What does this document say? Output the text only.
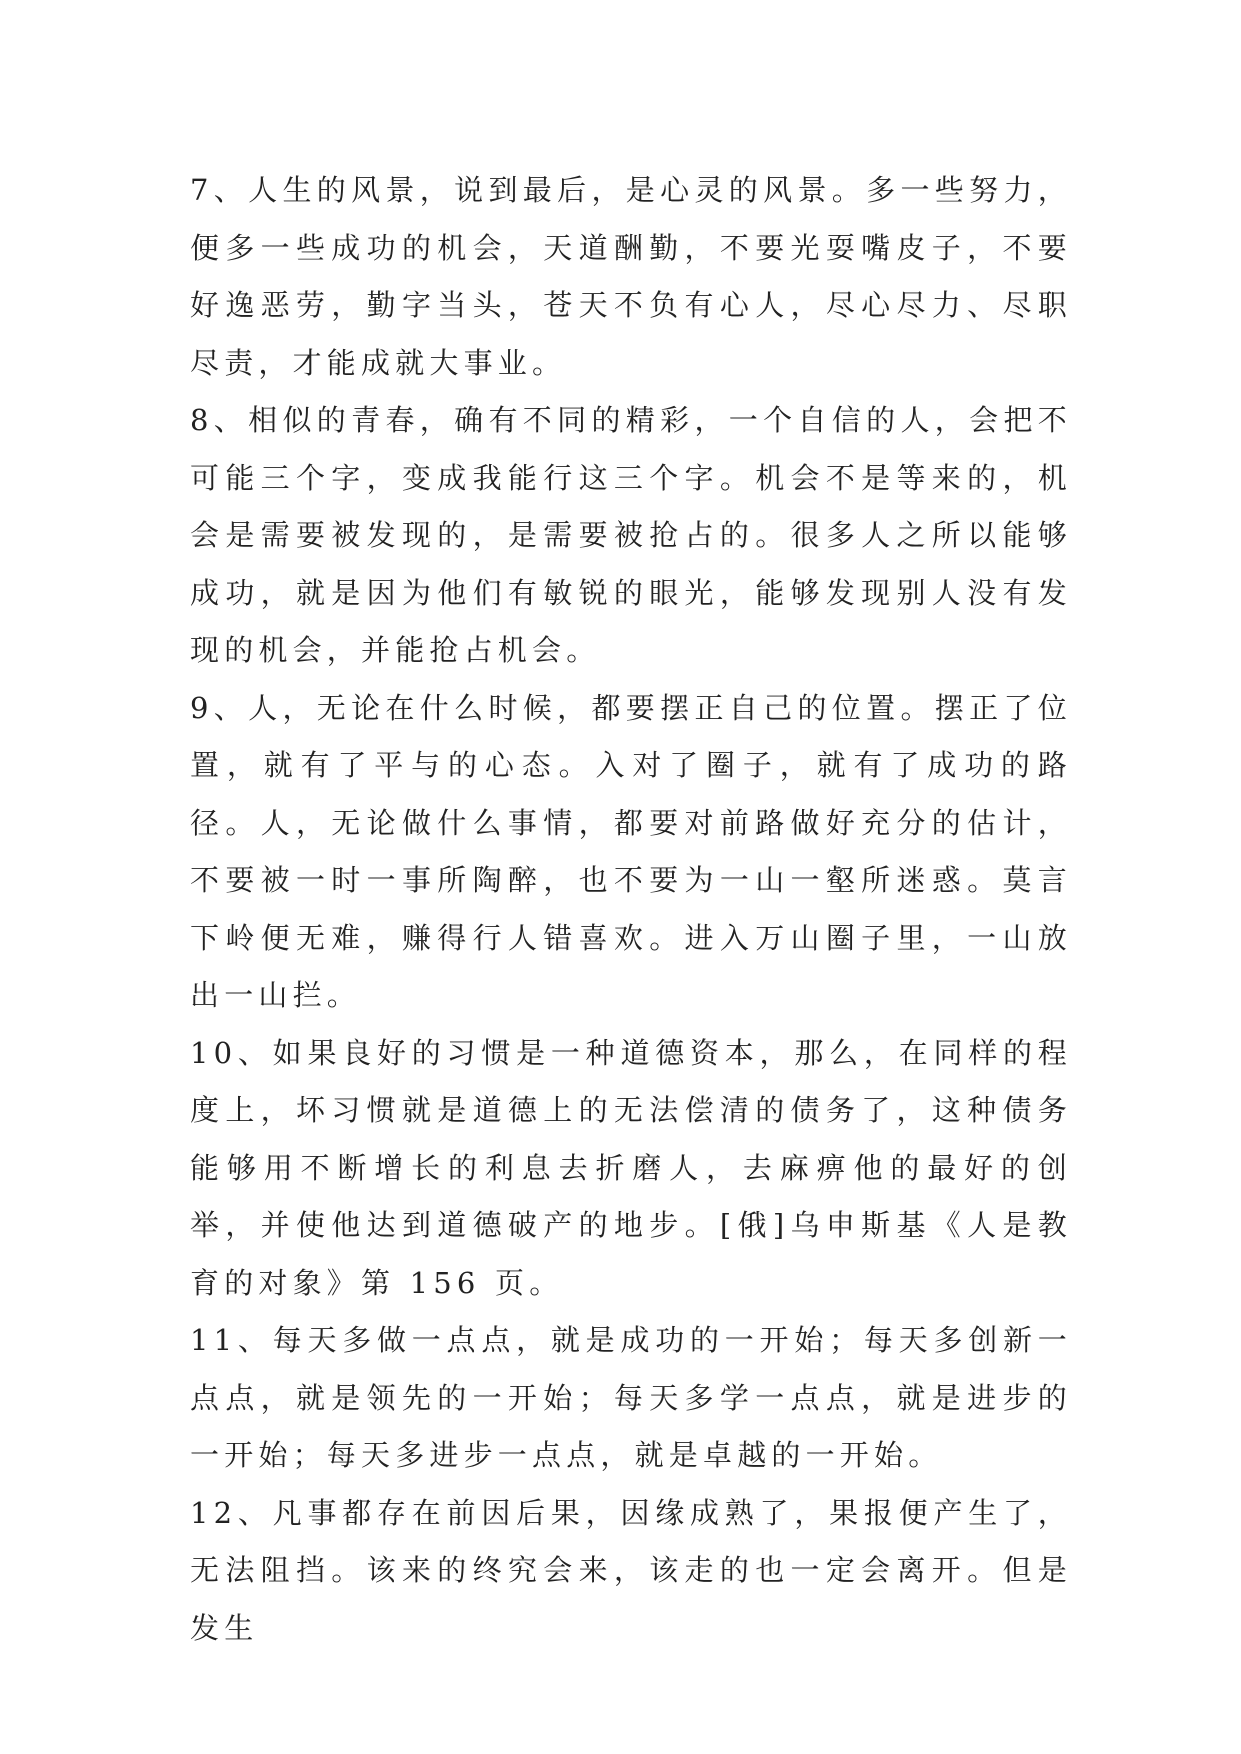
7、人生的风景，说到最后，是心灵的风景。多一些努力，便多一些成功的机会，天道酬勤，不要光耍嘴皮子，不要好逸恶劳，勤字当头，苍天不负有心人，尽心尽力、尽职尽责，才能成就大事业。

8、相似的青春，确有不同的精彩，一个自信的人，会把不可能三个字，变成我能行这三个字。机会不是等来的，机会是需要被发现的，是需要被抢占的。很多人之所以能够成功，就是因为他们有敏锐的眼光，能够发现别人没有发现的机会，并能抢占机会。

9、人，无论在什么时候，都要摆正自己的位置。摆正了位置，就有了平与的心态。入对了圈子，就有了成功的路径。人，无论做什么事情，都要对前路做好充分的估计，不要被一时一事所陶醉，也不要为一山一壑所迷惑。莫言下岭便无难，赚得行人错喜欢。进入万山圈子里，一山放出一山拦。

10、如果良好的习惯是一种道德资本，那么，在同样的程度上，坏习惯就是道德上的无法偿清的债务了，这种债务能够用不断增长的利息去折磨人，去麻痹他的最好的创举，并使他达到道德破产的地步。[俄]乌申斯基《人是教育的对象》第 156 页。

11、每天多做一点点，就是成功的一开始；每天多创新一点点，就是领先的一开始；每天多学一点点，就是进步的一开始；每天多进步一点点，就是卓越的一开始。

12、凡事都存在前因后果，因缘成熟了，果报便产生了，无法阻挡。该来的终究会来，该走的也一定会离开。但是发生
